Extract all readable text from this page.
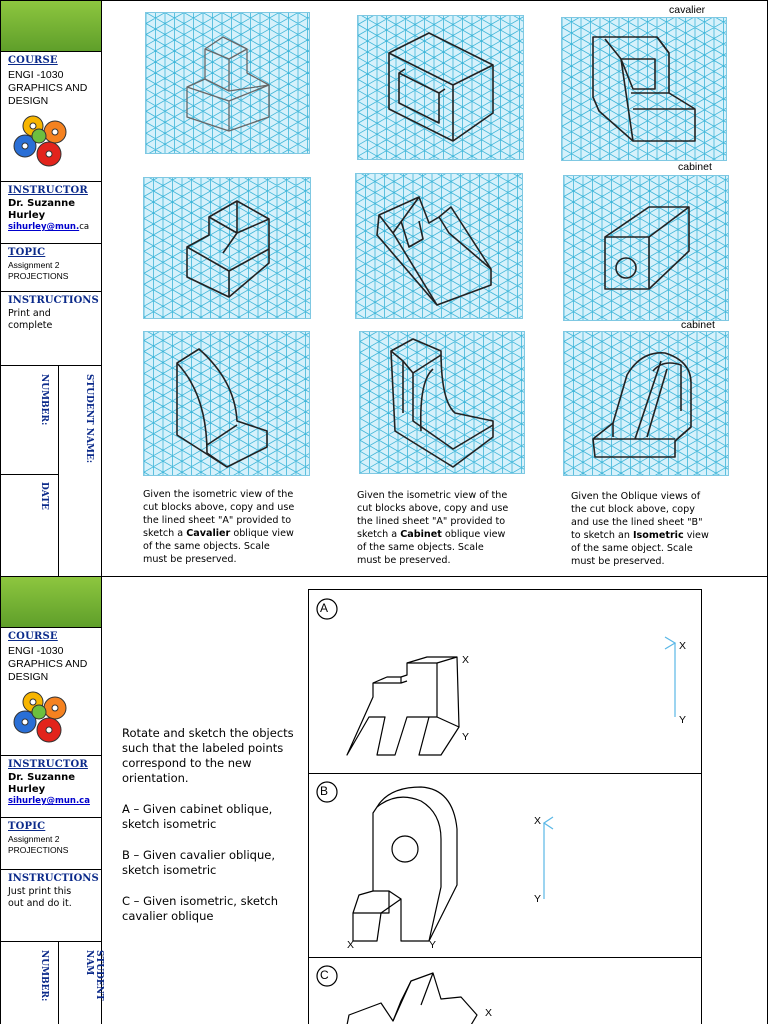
COURSE
ENGI -1030 GRAPHICS AND DESIGN
INSTRUCTOR
Dr. Suzanne Hurley
sihurley@mun.ca
TOPIC
Assignment 2
PROJECTIONS
INSTRUCTIONS
Print and complete
NUMBER:	STUDENT NAME:
DATE
cavalier
cabinet
cabinet
Given the isometric view of the
cut blocks above, copy and use
the lined sheet "A" provided to
sketch a Cavalier oblique view
of the same objects. Scale
must be preserved.
Given the isometric view of the
cut blocks above, copy and use
the lined sheet "A" provided to
sketch a Cabinet oblique view
of the same objects. Scale
must be preserved.
Given the Oblique views of
the cut block above, copy
and use the lined sheet "B"
to sketch an Isometric view
of the same object. Scale
must be preserved.
COURSE
ENGI -1030 GRAPHICS AND DESIGN
INSTRUCTOR
Dr. Suzanne Hurley
sihurley@mun.ca
TOPIC
Assignment 2
PROJECTIONS
INSTRUCTIONS
Just print this out and do it.
NUMBER:	STUDENT NAM
Rotate and sketch the objects such that the labeled points correspond to the new orientation.
A – Given cabinet oblique, sketch isometric
B – Given cavalier oblique, sketch isometric
C – Given isometric, sketch cavalier oblique
A
B
C
X
Y
X
Y
X
Y
X	Y
X
